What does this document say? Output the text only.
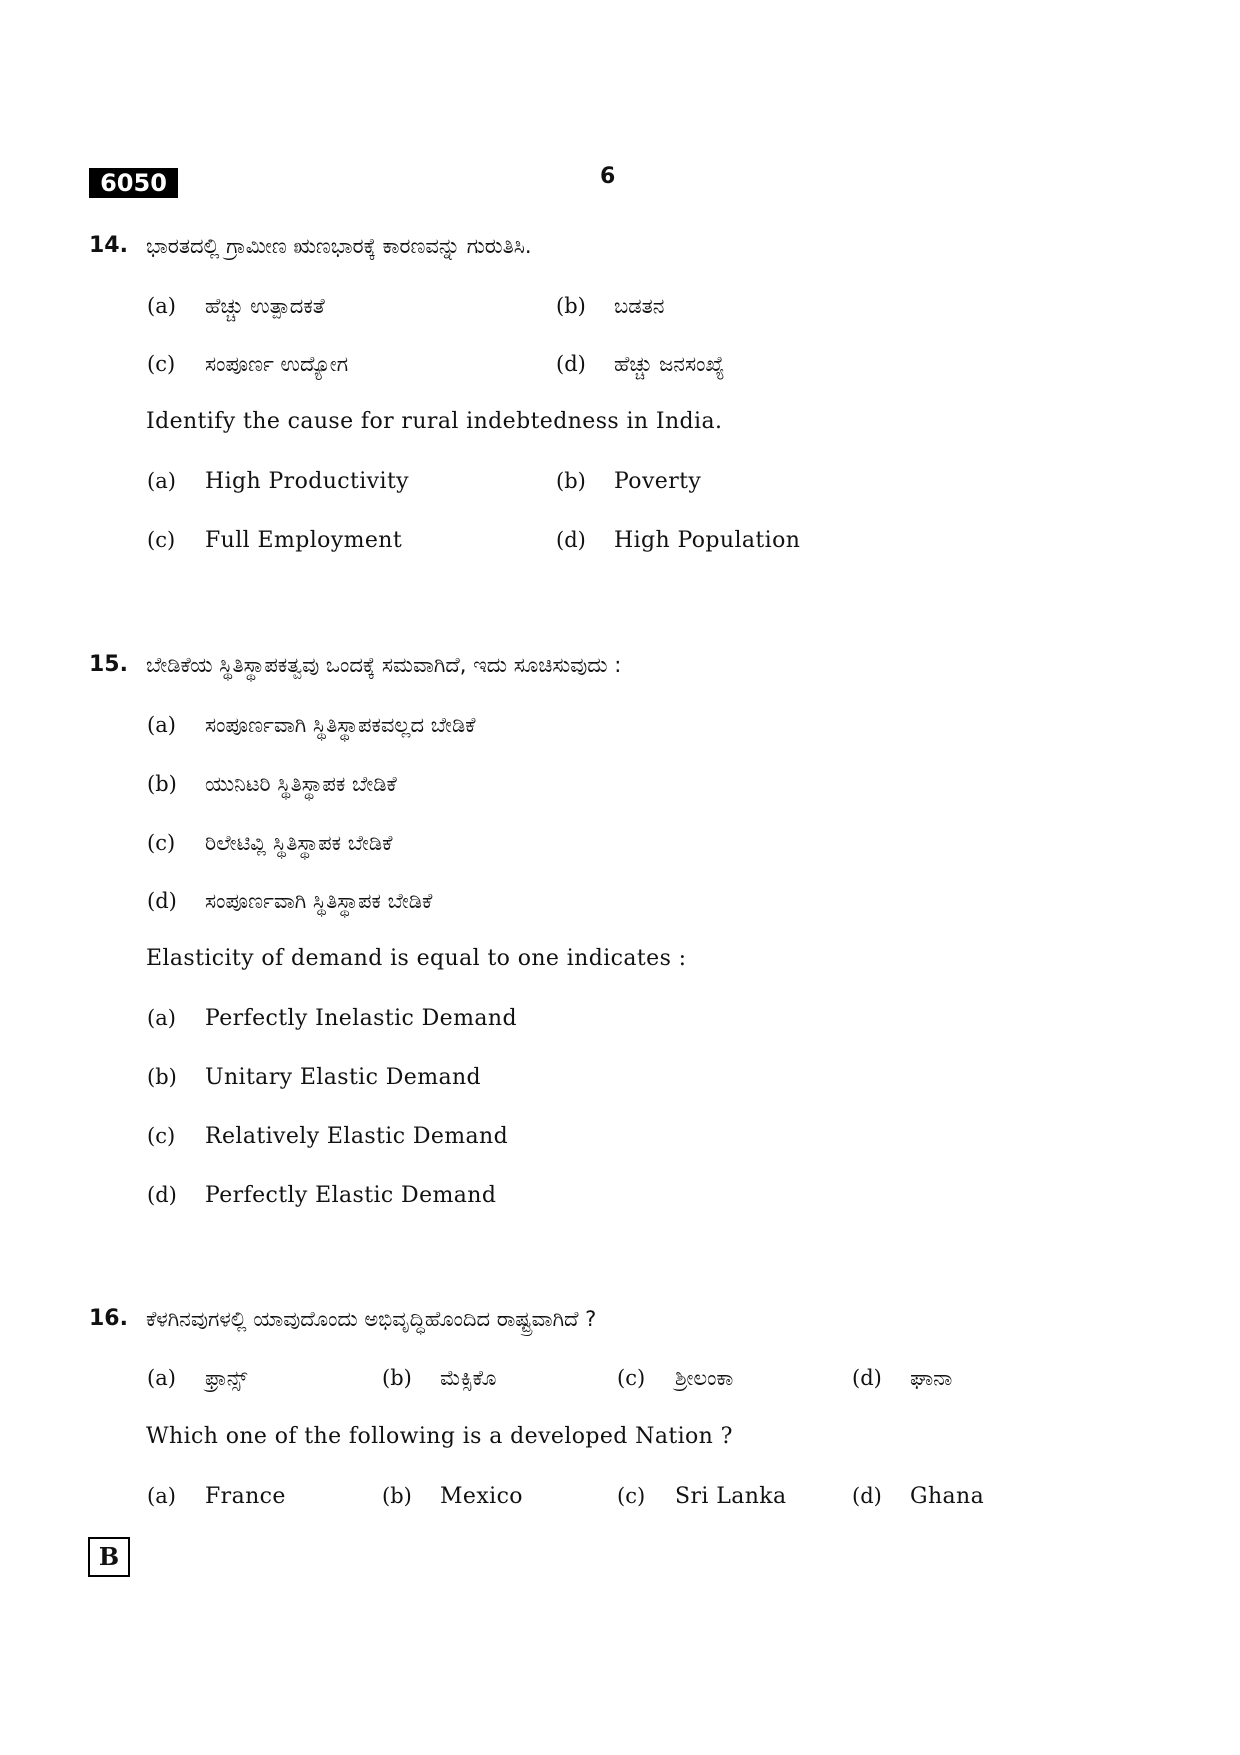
6050	6
14. ಭಾರತದಲ್ಲಿ ಗ್ರಾಮೀಣ ಋಣಭಾರಕ್ಕೆ ಕಾರಣವನ್ನು ಗುರುತಿಸಿ.
(a) ಹೆಚ್ಚು ಉತ್ಪಾದಕತೆ	(b) ಬಡತನ
(c) ಸಂಪೂರ್ಣ ಉದ್ಯೋಗ	(d) ಹೆಚ್ಚು ಜನಸಂಖ್ಯೆ
Identify the cause for rural indebtedness in India.
(a) High Productivity	(b) Poverty
(c) Full Employment	(d) High Population
15. ಬೇಡಿಕೆಯ ಸ್ಥಿತಿಸ್ಥಾಪಕತ್ವವು ಒಂದಕ್ಕೆ ಸಮವಾಗಿದೆ, ಇದು ಸೂಚಿಸುವುದು :
(a) ಸಂಪೂರ್ಣವಾಗಿ ಸ್ಥಿತಿಸ್ಥಾಪಕವಲ್ಲದ ಬೇಡಿಕೆ
(b) ಯುನಿಟರಿ ಸ್ಥಿತಿಸ್ಥಾಪಕ ಬೇಡಿಕೆ
(c) ರಿಲೇಟಿವ್ಲಿ ಸ್ಥಿತಿಸ್ಥಾಪಕ ಬೇಡಿಕೆ
(d) ಸಂಪೂರ್ಣವಾಗಿ ಸ್ಥಿತಿಸ್ಥಾಪಕ ಬೇಡಿಕೆ
Elasticity of demand is equal to one indicates :
(a) Perfectly Inelastic Demand
(b) Unitary Elastic Demand
(c) Relatively Elastic Demand
(d) Perfectly Elastic Demand
16. ಕೆಳಗಿನವುಗಳಲ್ಲಿ ಯಾವುದೊಂದು ಅಭಿವೃದ್ಧಿಹೊಂದಿದ ರಾಷ್ಟ್ರವಾಗಿದೆ ?
(a) ಫ್ರಾನ್ಸ್	(b) ಮೆಕ್ಸಿಕೊ	(c) ಶ್ರೀಲಂಕಾ	(d) ಘಾನಾ
Which one of the following is a developed Nation ?
(a) France	(b) Mexico	(c) Sri Lanka	(d) Ghana
B
